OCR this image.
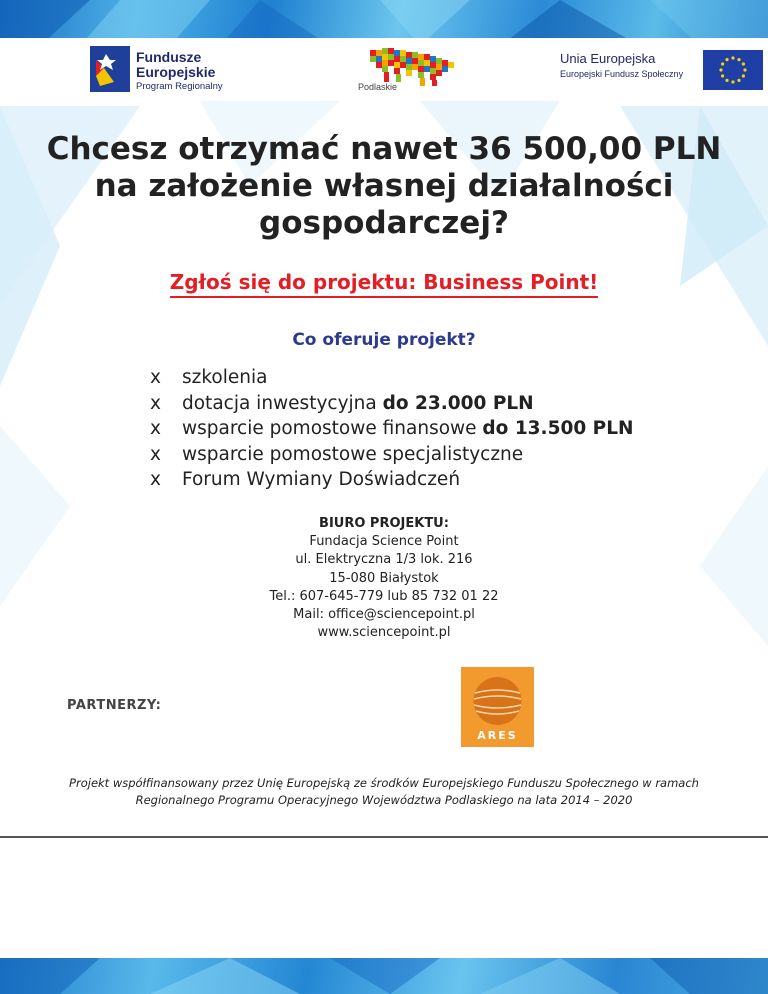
Fundusze
Europejskie
Program Regionalny	Podlaskie
Unia Europejska
Europejski Fundusz Społeczny
Chcesz otrzymać nawet 36 500,00 PLN
na założenie własnej działalności
gospodarczej?
Zgłoś się do projektu: Business Point!
Co oferuje projekt?
x szkolenia
x dotacja inwestycyjna do 23.000 PLN
x wsparcie pomostowe finansowe do 13.500 PLN
x wsparcie pomostowe specjalistyczne
x Forum Wymiany Doświadczeń
BIURO PROJEKTU:
Fundacja Science Point
ul. Elektryczna 1/3 lok. 216
15-080 Białystok
Tel.: 607-645-779 lub 85 732 01 22
Mail: office@sciencepoint.pl
www.sciencepoint.pl
PARTNERZY:
ARES
Projekt współfinansowany przez Unię Europejską ze środków Europejskiego Funduszu Społecznego w ramach
Regionalnego Programu Operacyjnego Województwa Podlaskiego na lata 2014 – 2020
